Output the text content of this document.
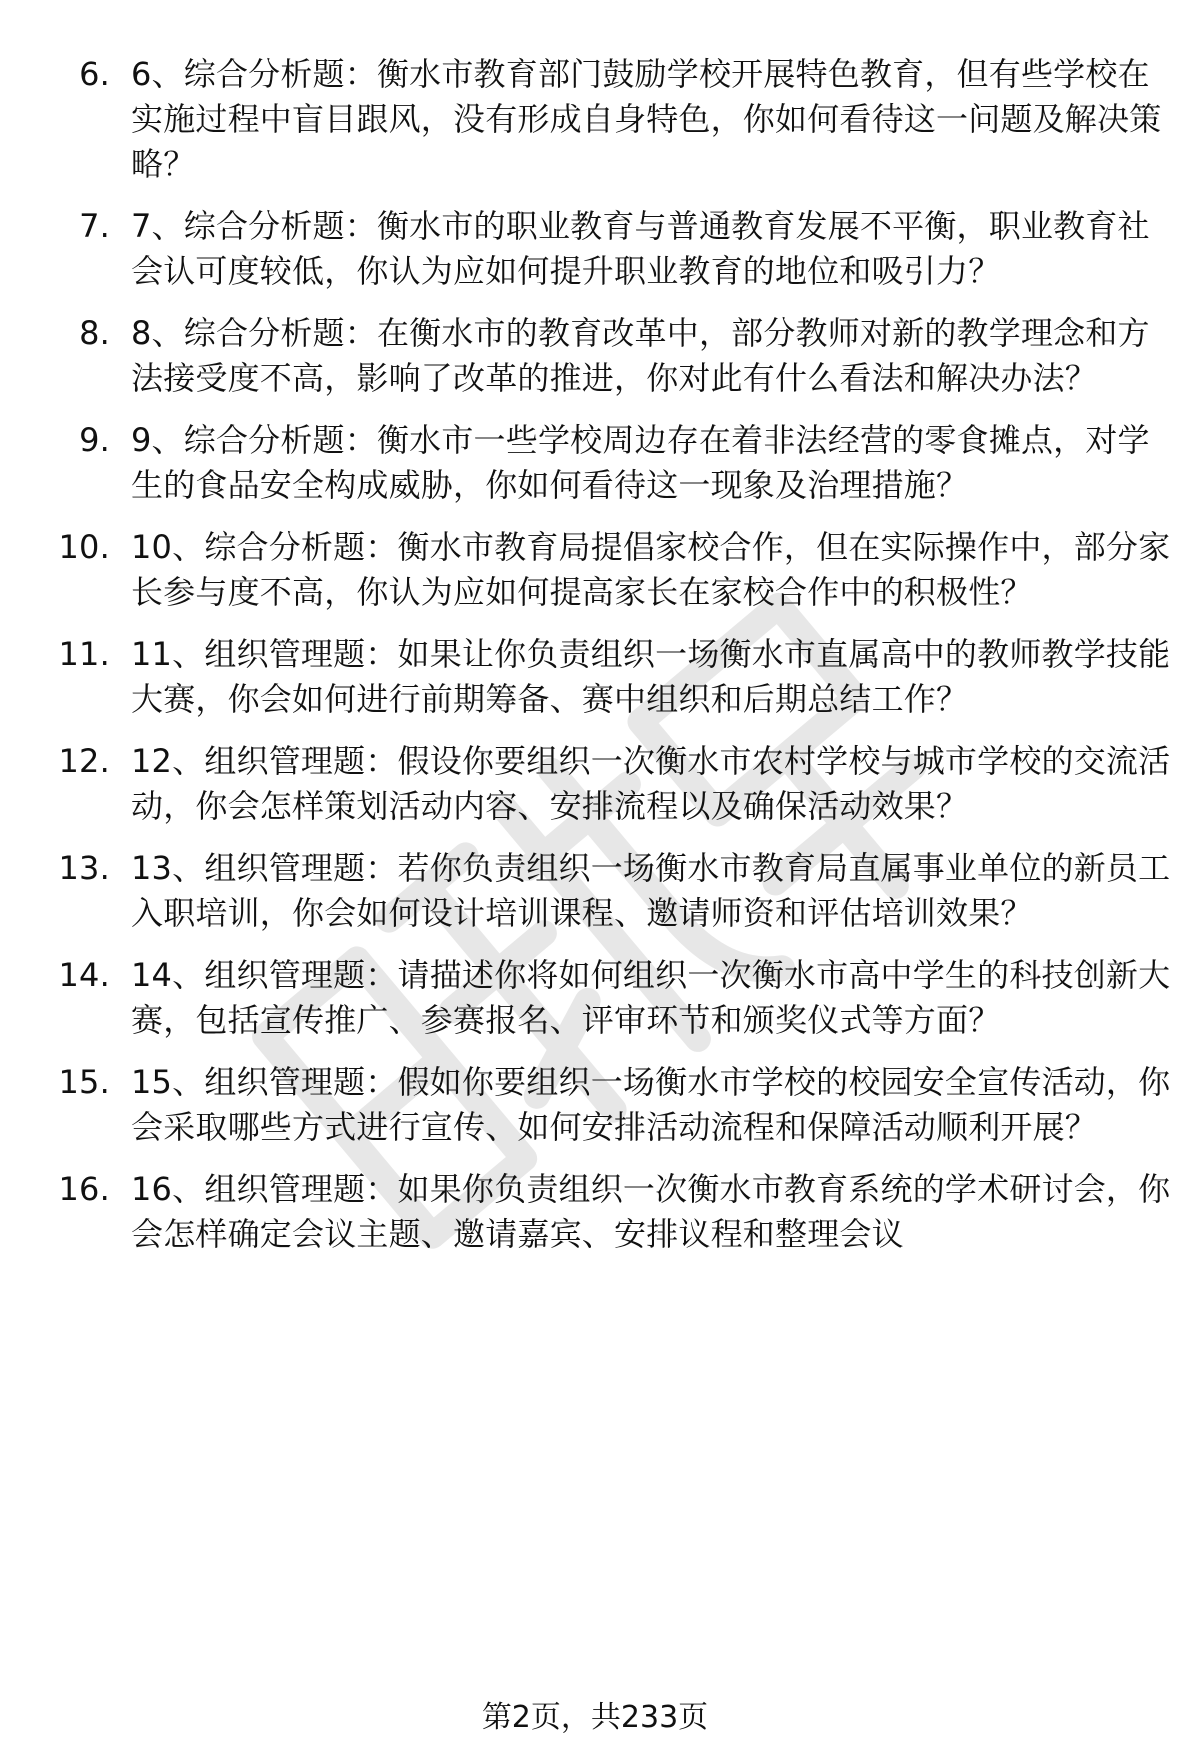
6. 6、综合分析题：衡水市教育部门鼓励学校开展特色教育，但有些学校在实施过程中盲目跟风，没有形成自身特色，你如何看待这一问题及解决策略？
7. 7、综合分析题：衡水市的职业教育与普通教育发展不平衡，职业教育社会认可度较低，你认为应如何提升职业教育的地位和吸引力？
8. 8、综合分析题：在衡水市的教育改革中，部分教师对新的教学理念和方法接受度不高，影响了改革的推进，你对此有什么看法和解决办法？
9. 9、综合分析题：衡水市一些学校周边存在着非法经营的零食摊点，对学生的食品安全构成威胁，你如何看待这一现象及治理措施？
10. 10、综合分析题：衡水市教育局提倡家校合作，但在实际操作中，部分家长参与度不高，你认为应如何提高家长在家校合作中的积极性？
11. 11、组织管理题：如果让你负责组织一场衡水市直属高中的教师教学技能大赛，你会如何进行前期筹备、赛中组织和后期总结工作？
12. 12、组织管理题：假设你要组织一次衡水市农村学校与城市学校的交流活动，你会怎样策划活动内容、安排流程以及确保活动效果？
13. 13、组织管理题：若你负责组织一场衡水市教育局直属事业单位的新员工入职培训，你会如何设计培训课程、邀请师资和评估培训效果？
14. 14、组织管理题：请描述你将如何组织一次衡水市高中学生的科技创新大赛，包括宣传推广、参赛报名、评审环节和颁奖仪式等方面？
15. 15、组织管理题：假如你要组织一场衡水市学校的校园安全宣传活动，你会采取哪些方式进行宣传、如何安排活动流程和保障活动顺利开展？
16. 16、组织管理题：如果你负责组织一次衡水市教育系统的学术研讨会，你会怎样确定会议主题、邀请嘉宾、安排议程和整理会议
第2页，共233页
